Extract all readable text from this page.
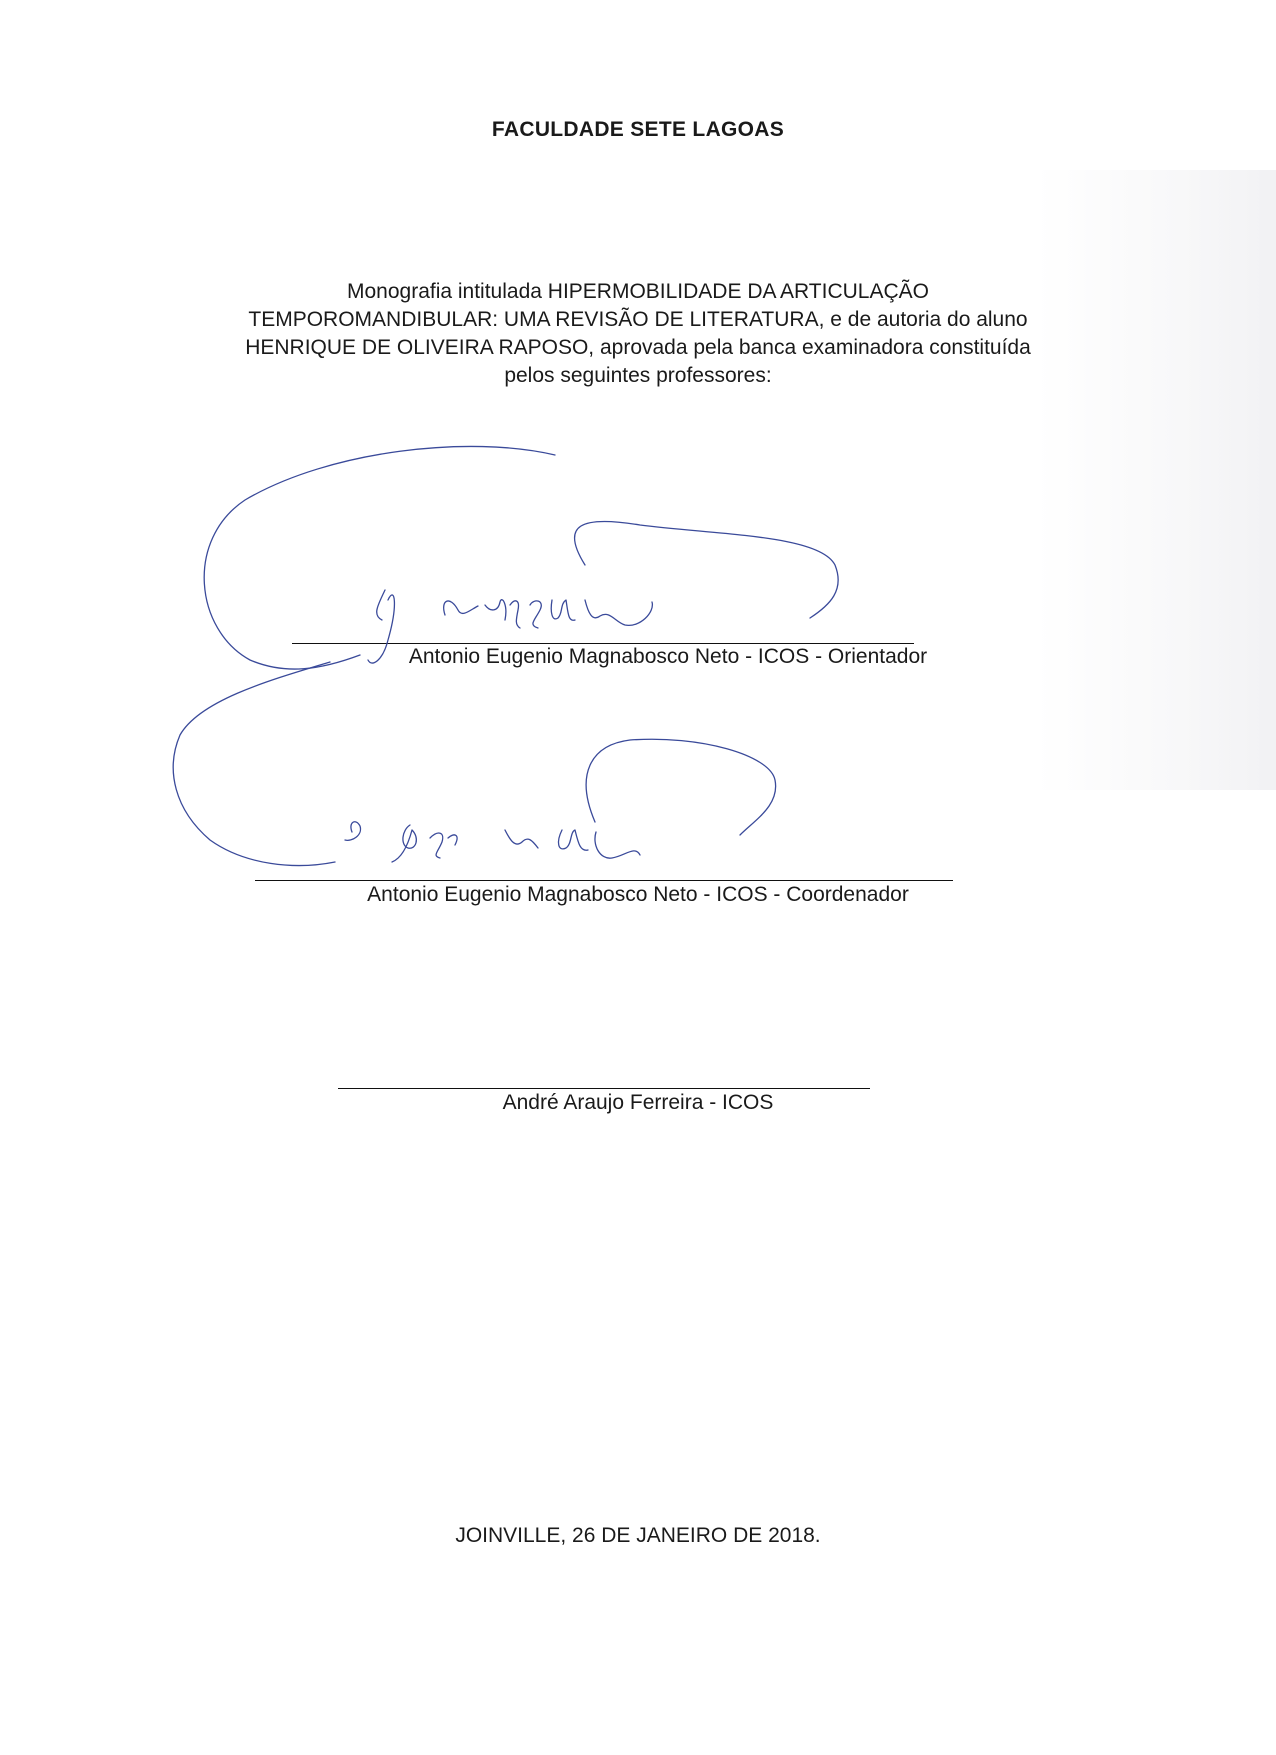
FACULDADE SETE LAGOAS
Monografia intitulada HIPERMOBILIDADE DA ARTICULAÇÃO
TEMPOROMANDIBULAR: UMA REVISÃO DE LITERATURA, e de autoria do aluno
HENRIQUE DE OLIVEIRA RAPOSO, aprovada pela banca examinadora constituída
pelos seguintes professores:
Antonio Eugenio Magnabosco Neto - ICOS - Orientador
Antonio Eugenio Magnabosco Neto - ICOS - Coordenador
André Araujo Ferreira - ICOS
JOINVILLE, 26 DE JANEIRO DE 2018.
